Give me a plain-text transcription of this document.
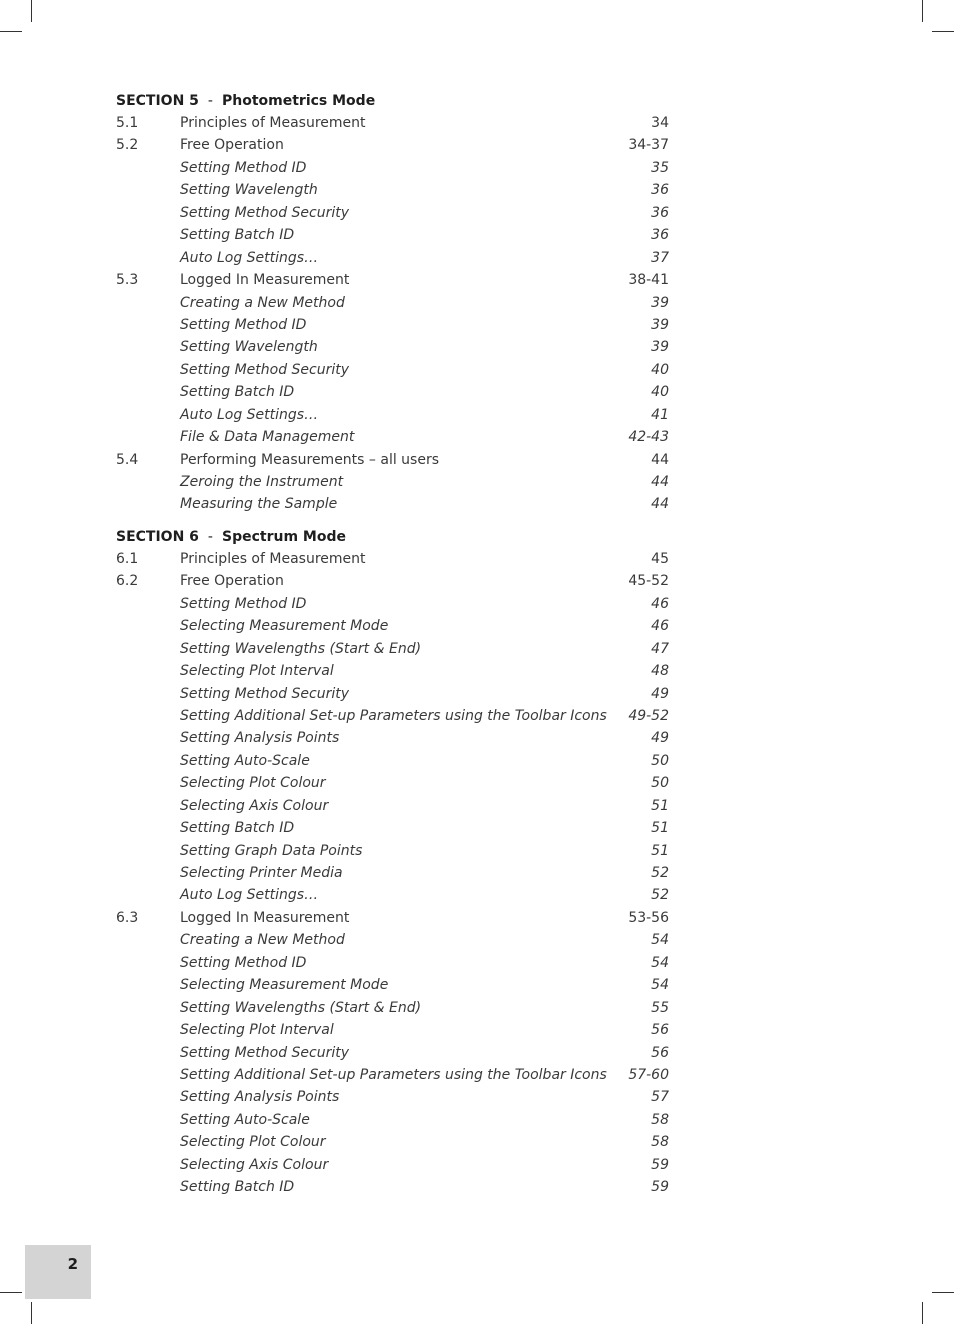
SECTION 5 - Photometrics Mode
5.1	Principles of Measurement	34
5.2	Free Operation	34-37
Setting Method ID	35
Setting Wavelength	36
Setting Method Security	36
Setting Batch ID	36
Auto Log Settings…	37
5.3	Logged In Measurement	38-41
Creating a New Method	39
Setting Method ID	39
Setting Wavelength	39
Setting Method Security	40
Setting Batch ID	40
Auto Log Settings…	41
File & Data Management	42-43
5.4	Performing Measurements – all users	44
Zeroing the Instrument	44
Measuring the Sample	44
SECTION 6 - Spectrum Mode
6.1	Principles of Measurement	45
6.2	Free Operation	45-52
Setting Method ID	46
Selecting Measurement Mode	46
Setting Wavelengths (Start & End)	47
Selecting Plot Interval	48
Setting Method Security	49
Setting Additional Set-up Parameters using the Toolbar Icons 49-52
Setting Analysis Points	49
Setting Auto-Scale	50
Selecting Plot Colour	50
Selecting Axis Colour	51
Setting Batch ID	51
Setting Graph Data Points	51
Selecting Printer Media	52
Auto Log Settings…	52
6.3	Logged In Measurement	53-56
Creating a New Method	54
Setting Method ID	54
Selecting Measurement Mode	54
Setting Wavelengths (Start & End)	55
Selecting Plot Interval	56
Setting Method Security	56
Setting Additional Set-up Parameters using the Toolbar Icons 57-60
Setting Analysis Points	57
Setting Auto-Scale	58
Selecting Plot Colour	58
Selecting Axis Colour	59
Setting Batch ID	59
2
